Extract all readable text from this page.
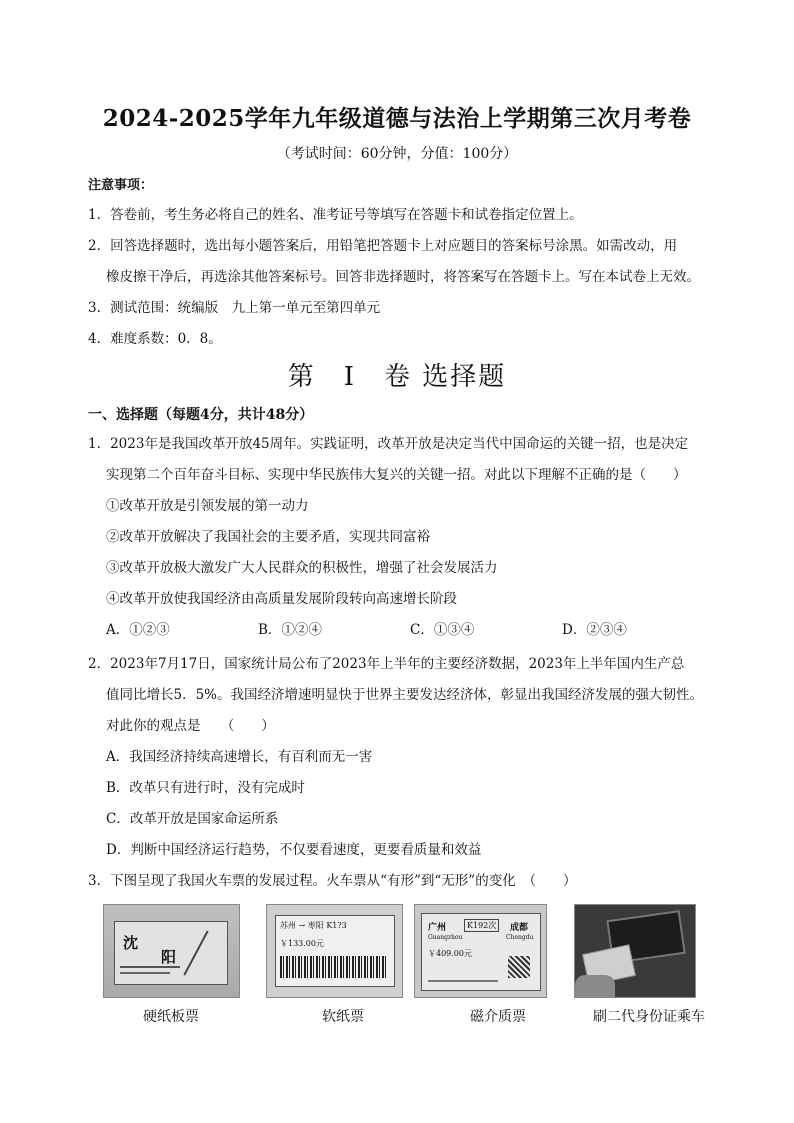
2024-2025学年九年级道德与法治上学期第三次月考卷
（考试时间：60分钟，分值：100分）
注意事项：
1．答卷前，考生务必将自己的姓名、准考证号等填写在答题卡和试卷指定位置上。
2．回答选择题时，选出每小题答案后，用铅笔把答题卡上对应题目的答案标号涂黑。如需改动，用
橡皮擦干净后，再选涂其他答案标号。回答非选择题时，将答案写在答题卡上。写在本试卷上无效。
3．测试范围：统编版　九上第一单元至第四单元
4．难度系数：0．8。
第　I　卷 选择题
一、选择题（每题4分，共计48分）
1．2023年是我国改革开放45周年。实践证明，改革开放是决定当代中国命运的关键一招，也是决定
实现第二个百年奋斗目标、实现中华民族伟大复兴的关键一招。对此以下理解不正确的是（　　）
①改革开放是引领发展的第一动力
②改革开放解决了我国社会的主要矛盾，实现共同富裕
③改革开放极大激发广大人民群众的积极性，增强了社会发展活力
④改革开放使我国经济由高质量发展阶段转向高速增长阶段
A．①②③	B．①②④	C．①③④	D．②③④
2．2023年7月17日，国家统计局公布了2023年上半年的主要经济数据，2023年上半年国内生产总
值同比增长5．5%。我国经济增速明显快于世界主要发达经济体，彰显出我国经济发展的强大韧性。
对此你的观点是　　（　　）
A．我国经济持续高速增长，有百利而无一害
B．改革只有进行时，没有完成时
C．改革开放是国家命运所系
D．判断中国经济运行趋势，不仅要看速度，更要看质量和效益
3．下图呈现了我国火车票的发展过程。火车票从“有形”到“无形”的变化　（　　）
沈
阳
苏州 → 枣阳 K1?3
￥133.00元
广州	K192次	成都
Guangzhou	Chengdu
￥409.00元
硬纸板票	软纸票	磁介质票	刷二代身份证乘车
